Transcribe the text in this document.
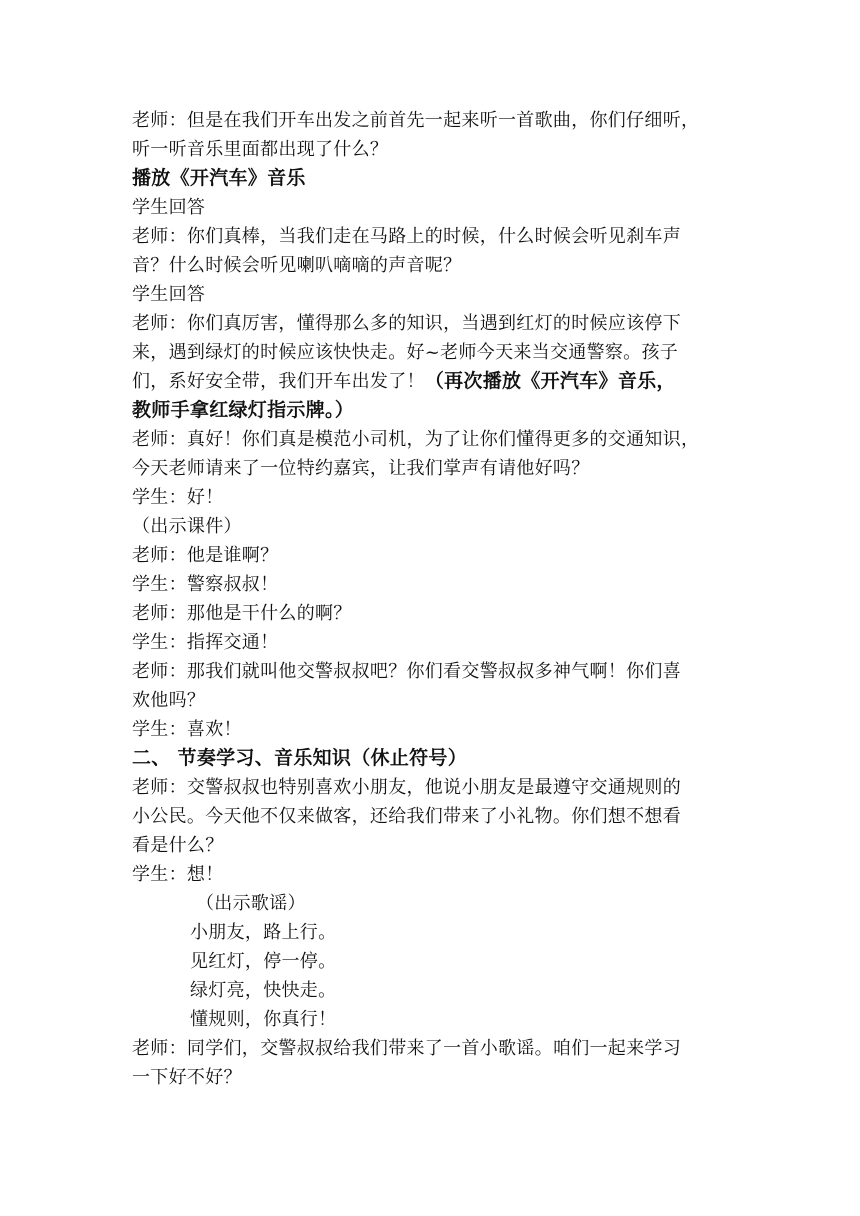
老师：但是在我们开车出发之前首先一起来听一首歌曲，你们仔细听，
听一听音乐里面都出现了什么？
播放《开汽车》音乐
学生回答
老师：你们真棒，当我们走在马路上的时候，什么时候会听见刹车声
音？什么时候会听见喇叭嘀嘀的声音呢？
学生回答
老师：你们真厉害，懂得那么多的知识，当遇到红灯的时候应该停下
来，遇到绿灯的时候应该快快走。好~老师今天来当交通警察。孩子
们，系好安全带，我们开车出发了！（再次播放《开汽车》音乐，
教师手拿红绿灯指示牌。）
老师：真好！你们真是模范小司机，为了让你们懂得更多的交通知识，
今天老师请来了一位特约嘉宾，让我们掌声有请他好吗？
学生：好！
（出示课件）
老师：他是谁啊？
学生：警察叔叔！
老师：那他是干什么的啊？
学生：指挥交通！
老师：那我们就叫他交警叔叔吧？你们看交警叔叔多神气啊！你们喜
欢他吗？
学生：喜欢！
二、 节奏学习、音乐知识（休止符号）
老师：交警叔叔也特别喜欢小朋友，他说小朋友是最遵守交通规则的
小公民。今天他不仅来做客，还给我们带来了小礼物。你们想不想看
看是什么？
学生：想！
（出示歌谣）
小朋友，路上行。
见红灯，停一停。
绿灯亮，快快走。
懂规则，你真行！
老师：同学们，交警叔叔给我们带来了一首小歌谣。咱们一起来学习
一下好不好？
